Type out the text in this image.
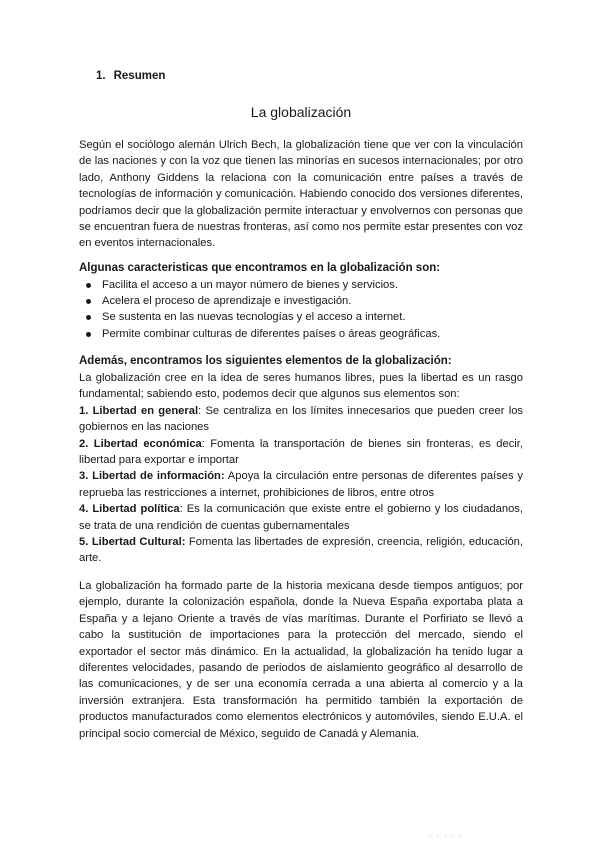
1. Resumen
La globalización

Según el sociólogo alemán Ulrich Bech, la globalización tiene que ver con la vinculación de las naciones y con la voz que tienen las minorías en sucesos internacionales; por otro lado, Anthony Giddens la relaciona con la comunicación entre países a través de tecnologías de información y comunicación. Habiendo conocido dos versiones diferentes, podríamos decir que la globalización permite interactuar y envolvernos con personas que se encuentran fuera de nuestras fronteras, así como nos permite estar presentes con voz en eventos internacionales.

Algunas caracteristicas que encontramos en la globalización son:
Facilita el acceso a un mayor número de bienes y servicios.
Acelera el proceso de aprendizaje e investigación.
Se sustenta en las nuevas tecnologías y el acceso a internet.
Permite combinar culturas de diferentes países o áreas geográficas.
Además, encontramos los siguientes elementos de la globalización:
La globalización cree en la idea de seres humanos libres, pues la libertad es un rasgo fundamental; sabiendo esto, podemos decir que algunos sus elementos son:
1. Libertad en general: Se centraliza en los límites innecesarios que pueden creer los gobiernos en las naciones
2. Libertad económica: Fomenta la transportación de bienes sin fronteras, es decir, libertad para exportar e importar
3. Libertad de información: Apoya la circulación entre personas de diferentes países y reprueba las restricciones a internet, prohibiciones de libros, entre otros
4. Libertad política: Es la comunicación que existe entre el gobierno y los ciudadanos, se trata de una rendición de cuentas gubernamentales
5. Libertad Cultural: Fomenta las libertades de expresión, creencia, religión, educación, arte.

La globalización ha formado parte de la historia mexicana desde tiempos antiguos; por ejemplo, durante la colonización española, donde la Nueva España exportaba plata a España y a lejano Oriente a través de vías marítimas. Durante el Porfiriato se llevó a cabo la sustitución de importaciones para la protección del mercado, siendo el exportador el sector más dinámico. En la actualidad, la globalización ha tenido lugar a diferentes velocidades, pasando de periodos de aislamiento geográfico al desarrollo de las comunicaciones, y de ser una economía cerrada a una abierta al comercio y a la inversión extranjera. Esta transformación ha permitido también la exportación de productos manufacturados como elementos electrónicos y automóviles, siendo E.U.A. el principal socio comercial de México, seguido de Canadá y Alemania.

· · · · ·
